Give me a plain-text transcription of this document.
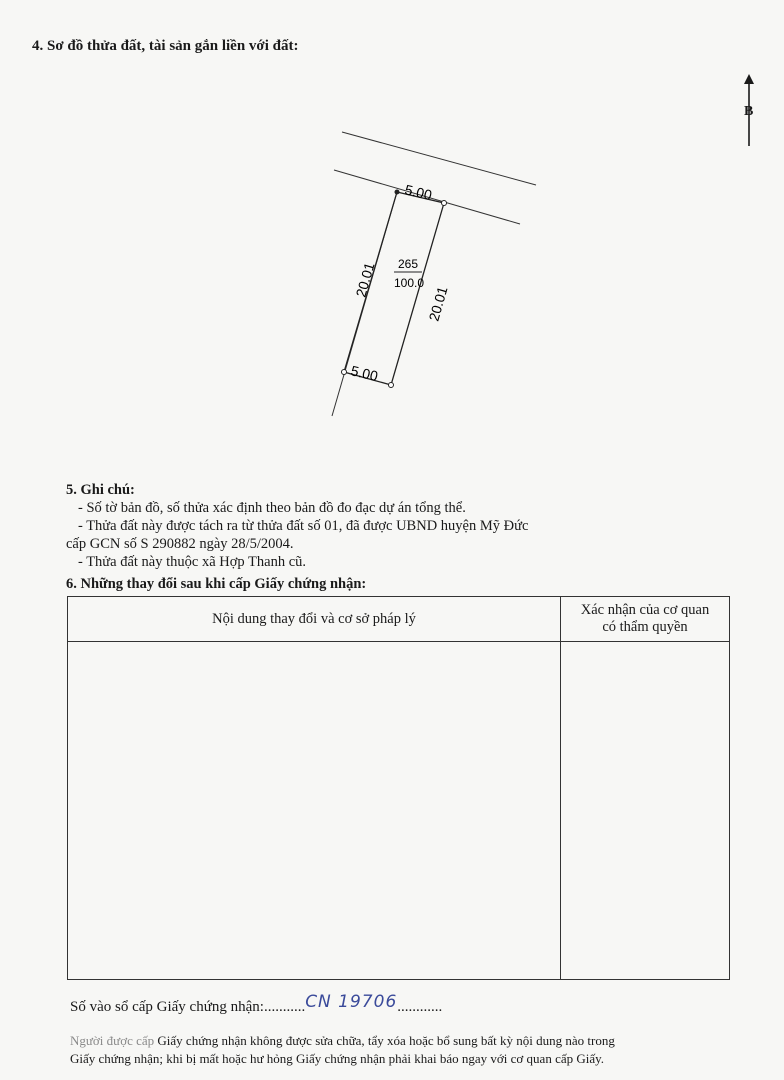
4. Sơ đồ thửa đất, tài sản gắn liền với đất:
B
5.00
5.00
20.01
20.01
265
100.0
5. Ghi chú:
- Số tờ bản đồ, số thửa xác định theo bản đồ đo đạc dự án tổng thể.
- Thửa đất này được tách ra từ thửa đất số 01, đã được UBND huyện Mỹ Đức
cấp GCN số S 290882 ngày 28/5/2004.
- Thửa đất này thuộc xã Hợp Thanh cũ.
6. Những thay đổi sau khi cấp Giấy chứng nhận:
Nội dung thay đổi và cơ sở pháp lý	Xác nhận của cơ quan
có thẩm quyền

Số vào sổ cấp Giấy chứng nhận:...........CN 19706............
Người được cấp Giấy chứng nhận không được sửa chữa, tẩy xóa hoặc bổ sung bất kỳ nội dung nào trong
Giấy chứng nhận; khi bị mất hoặc hư hỏng Giấy chứng nhận phải khai báo ngay với cơ quan cấp Giấy.
